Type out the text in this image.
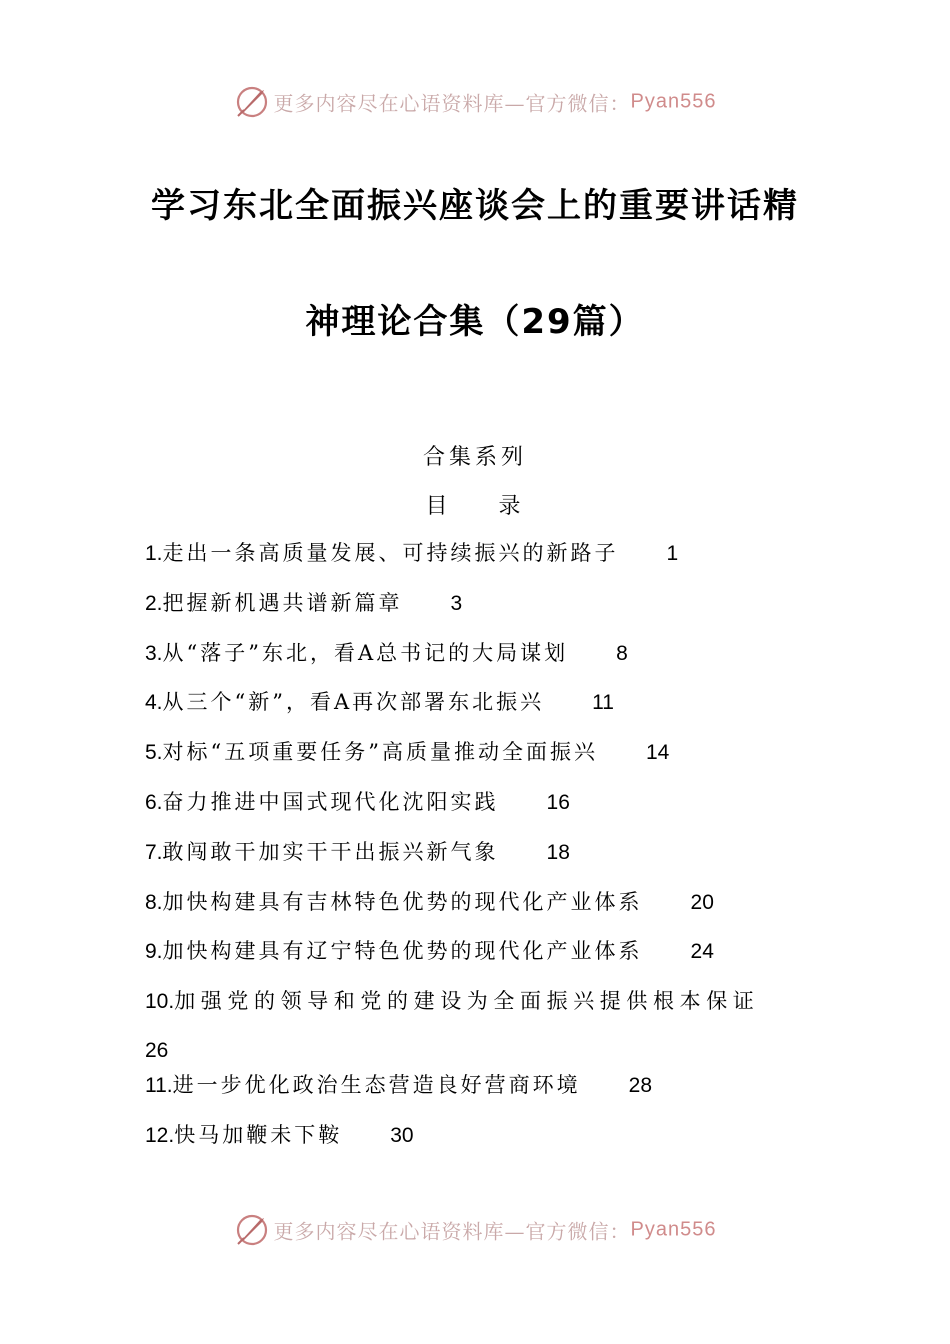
更多内容尽在心语资料库—官方微信：Pyan556
学习东北全面振兴座谈会上的重要讲话精
神理论合集（29篇）
合集系列
目 录
1.走出一条高质量发展、可持续振兴的新路子 1
2.把握新机遇共谱新篇章 3
3.从“落子”东北，看A总书记的大局谋划 8
4.从三个“新”，看A再次部署东北振兴 11
5.对标“五项重要任务”高质量推动全面振兴 14
6.奋力推进中国式现代化沈阳实践 16
7.敢闯敢干加实干干出振兴新气象 18
8.加快构建具有吉林特色优势的现代化产业体系 20
9.加快构建具有辽宁特色优势的现代化产业体系 24
10.加强党的领导和党的建设为全面振兴提供根本保证
26
11.进一步优化政治生态营造良好营商环境 28
12.快马加鞭未下鞍 30
更多内容尽在心语资料库—官方微信：Pyan556
